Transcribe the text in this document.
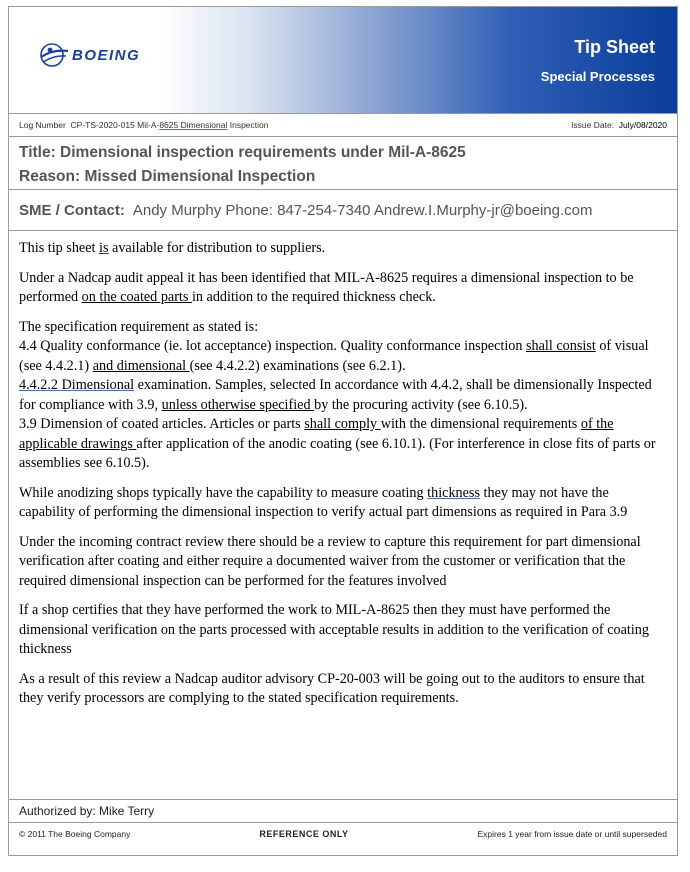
BOEING	Tip Sheet
Special Processes
Log Number CP-TS-2020-015 Mil-A-8625 Dimensional Inspection	Issue Date: July/08/2020
Title: Dimensional inspection requirements under Mil-A-8625
Reason: Missed Dimensional Inspection
SME / Contact: Andy Murphy Phone: 847-254-7340 Andrew.I.Murphy-jr@boeing.com

This tip sheet is available for distribution to suppliers.

Under a Nadcap audit appeal it has been identified that MIL-A-8625 requires a dimensional inspection to be performed on the coated parts in addition to the required thickness check.

The specification requirement as stated is:
4.4 Quality conformance (ie. lot acceptance) inspection. Quality conformance inspection shall consist of visual (see 4.4.2.1) and dimensional (see 4.4.2.2) examinations (see 6.2.1).
4.4.2.2 Dimensional examination. Samples, selected In accordance with 4.4.2, shall be dimensionally Inspected for compliance with 3.9, unless otherwise specified by the procuring activity (see 6.10.5).
3.9 Dimension of coated articles. Articles or parts shall comply with the dimensional requirements of the applicable drawings after application of the anodic coating (see 6.10.1). (For interference in close fits of parts or assemblies see 6.10.5).

While anodizing shops typically have the capability to measure coating thickness they may not have the capability of performing the dimensional inspection to verify actual part dimensions as required in Para 3.9

Under the incoming contract review there should be a review to capture this requirement for part dimensional verification after coating and either require a documented waiver from the customer or verification that the required dimensional inspection can be performed for the features involved

If a shop certifies that they have performed the work to MIL-A-8625 then they must have performed the dimensional verification on the parts processed with acceptable results in addition to the verification of coating thickness

As a result of this review a Nadcap auditor advisory CP-20-003 will be going out to the auditors to ensure that they verify processors are complying to the stated specification requirements.

Authorized by: Mike Terry
© 2011 The Boeing Company	REFERENCE ONLY	Expires 1 year from issue date or until superseded
